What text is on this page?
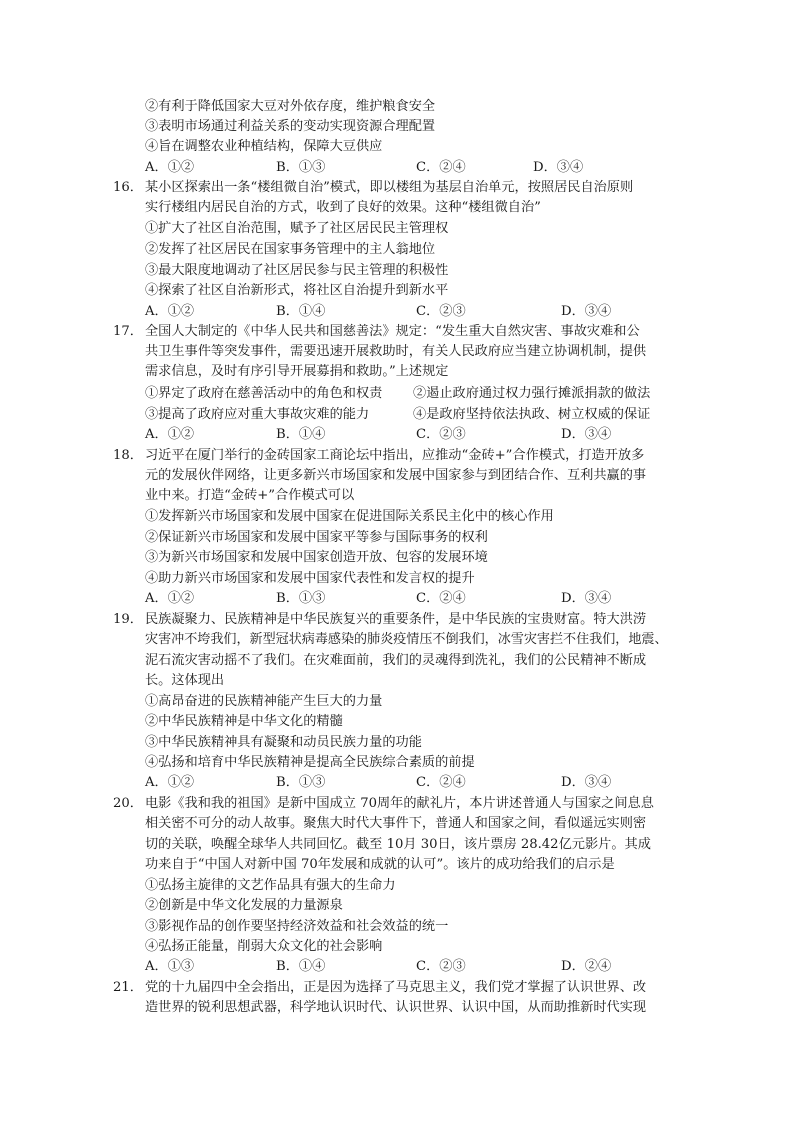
②有利于降低国家大豆对外依存度，维护粮食安全
③表明市场通过利益关系的变动实现资源合理配置
④旨在调整农业种植结构，保障大豆供应
A．①②	B．①③	C．②④	D．③④
16． 某小区探索出一条“楼组微自治”模式，即以楼组为基层自治单元，按照居民自治原则
实行楼组内居民自治的方式，收到了良好的效果。这种“楼组微自治”
①扩大了社区自治范围，赋予了社区居民民主管理权
②发挥了社区居民在国家事务管理中的主人翁地位
③最大限度地调动了社区居民参与民主管理的积极性
④探索了社区自治新形式，将社区自治提升到新水平
A．①②	B．①④	C．②③	D．③④
17． 全国人大制定的《中华人民共和国慈善法》规定：“发生重大自然灾害、事故灾难和公
共卫生事件等突发事件，需要迅速开展救助时，有关人民政府应当建立协调机制，提供
需求信息，及时有序引导开展募捐和救助。”上述规定
①界定了政府在慈善活动中的角色和权责 ②遏止政府通过权力强行摊派捐款的做法
③提高了政府应对重大事故灾难的能力	④是政府坚持依法执政、树立权威的保证
A．①②	B．①④	C．②③	D．③④
18． 习近平在厦门举行的金砖国家工商论坛中指出，应推动“金砖+”合作模式，打造开放多
元的发展伙伴网络，让更多新兴市场国家和发展中国家参与到团结合作、互利共赢的事
业中来。打造“金砖+”合作模式可以
①发挥新兴市场国家和发展中国家在促进国际关系民主化中的核心作用
②保证新兴市场国家和发展中国家平等参与国际事务的权利
③为新兴市场国家和发展中国家创造开放、包容的发展环境
④助力新兴市场国家和发展中国家代表性和发言权的提升
A．①②	B．①③	C．②④	D．③④
19． 民族凝聚力、民族精神是中华民族复兴的重要条件，是中华民族的宝贵财富。特大洪涝
灾害冲不垮我们，新型冠状病毒感染的肺炎疫情压不倒我们，冰雪灾害拦不住我们，地震、
泥石流灾害动摇不了我们。在灾难面前，我们的灵魂得到洗礼，我们的公民精神不断成
长。这体现出
①高昂奋进的民族精神能产生巨大的力量
②中华民族精神是中华文化的精髓
③中华民族精神具有凝聚和动员民族力量的功能
④弘扬和培育中华民族精神是提高全民族综合素质的前提
A．①②	B．①③	C．②④	D．③④
20． 电影《我和我的祖国》是新中国成立 70周年的献礼片，本片讲述普通人与国家之间息息
相关密不可分的动人故事。聚焦大时代大事件下，普通人和国家之间，看似遥远实则密
切的关联，唤醒全球华人共同回忆。截至 10月 30日，该片票房 28.42亿元影片。其成
功来自于“中国人对新中国 70年发展和成就的认可”。该片的成功给我们的启示是
①弘扬主旋律的文艺作品具有强大的生命力
②创新是中华文化发展的力量源泉
③影视作品的创作要坚持经济效益和社会效益的统一
④弘扬正能量，削弱大众文化的社会影响
A．①③	B．①④	C．②③	D．②④
21． 党的十九届四中全会指出，正是因为选择了马克思主义，我们党才掌握了认识世界、改
造世界的锐利思想武器，科学地认识时代、认识世界、认识中国，从而助推新时代实现
